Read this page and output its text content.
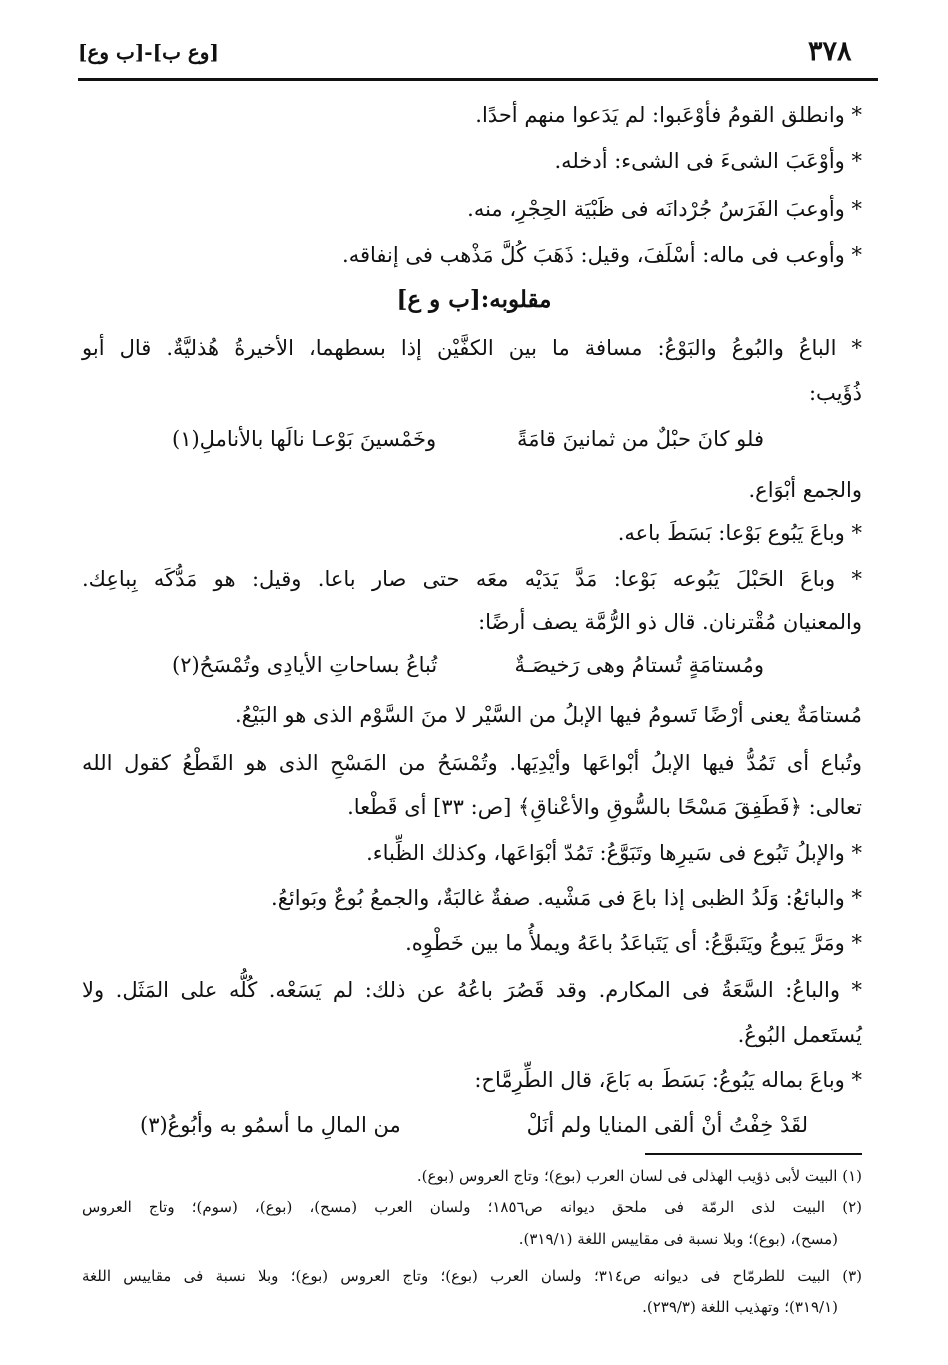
٣٧٨
[وع ب]-[ب وع]
* وانطلق القومُ فأوْعَبوا: لم يَدَعوا منهم أحدًا.
* وأوْعَبَ الشىءَ فى الشىء: أدخله.
* وأوعبَ الفَرَسُ جُرْدانَه فى ظَبْيَة الحِجْرِ، منه.
* وأوعب فى ماله: أسْلَفَ، وقيل: ذَهَبَ كُلَّ مَذْهب فى إنفاقه.
مقلوبه:[ب و ع]
* الباعُ والبُوعُ والبَوْعُ: مسافة ما بين الكفَّيْن إذا بسطهما، الأخيرةُ هُذليَّةٌ. قال أبو
ذُؤَيب:
فلو كانَ حبْلٌ من ثمانينَ قامَةً
وخَمْسينَ بَوْعـا نالَها بالأناملِ(١)
والجمع أبْوَاع.
* وباعَ يَبُوع بَوْعا: بَسَطَ باعه.
* وباعَ الحَبْلَ يَبُوعه بَوْعا: مَدَّ يَدَيْه معَه حتى صار باعا. وقيل: هو مَدُّكَه بِباعِك.
والمعنيان مُقْترنان. قال ذو الرُّمَّة يصف أرضًا:
ومُستامَةٍ تُستامُ وهى رَخيصَـةٌ
تُباعُ بساحاتِ الأيادِى وتُمْسَحُ(٢)
مُستامَةٌ يعنى أرْضًا تَسومُ فيها الإبلُ من السَّيْر لا منَ السَّوْم الذى هو البَيْعُ.
وتُباع أى تَمُدُّ فيها الإبلُ أبْواعَها وأيْدِيَها. وتُمْسَحُ من المَسْحِ الذى هو القَطْعُ كقول الله
تعالى: ﴿فَطَفِقَ مَسْحًا بالسُّوقِ والأعْناقِ﴾ [ص: ٣٣] أى قَطْعا.
* والإبلُ تَبُوع فى سَيرِها وتَبَوَّعُ: تَمُدّ أبْوَاعَها، وكذلك الظِّباء.
* والبائعُ: وَلَدُ الظبى إذا باعَ فى مَشْيه. صفةٌ غالبَةٌ، والجمعُ بُوعٌ وبَوائعُ.
* ومَرَّ يَبوعُ ويَتَبوَّعُ: أى يَتَباعَدُ باعَهُ ويملأُ ما بين خَطْوِه.
* والباعُ: السَّعَةُ فى المكارم. وقد قَصُرَ باعُهُ عن ذلك: لم يَسَعْه. كُلُّه على المَثَل. ولا
يُستَعمل البُوعُ.
* وباعَ بماله يَبُوعُ: بَسَطَ به بَاعَ، قال الطِّرِمَّاح:
لقَدْ خِفْتُ أنْ ألقى المنايا ولم أنَلْ
من المالِ ما أسمُو به وأبُوعُ(٣)
(١) البيت لأبى ذؤيب الهذلى فى لسان العرب (بوع)؛ وتاج العروس (بوع).
(٢) البيت لذى الرمّة فى ملحق ديوانه ص١٨٥٦؛ ولسان العرب (مسح)، (بوع)، (سوم)؛ وتاج العروس
(مسح)، (بوع)؛ وبلا نسبة فى مقاييس اللغة (٣١٩/١).
(٣) البيت للطرمّاح فى ديوانه ص٣١٤؛ ولسان العرب (بوع)؛ وتاج العروس (بوع)؛ وبلا نسبة فى مقاييس اللغة
(٣١٩/١)؛ وتهذيب اللغة (٢٣٩/٣).
